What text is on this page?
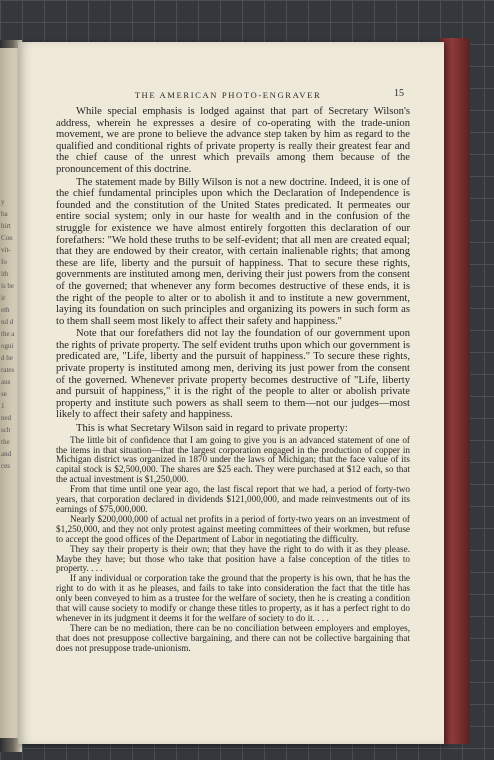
y
ba
hirt
Con
vit-
fo
itb
is be
ir
eth
nd d
the a
ogui
d be
rates
aus
se
1
ned
sch
the
and
ces
THE AMERICAN PHOTO-ENGRAVER	15

While special emphasis is lodged against that part of Secretary Wilson's address, wherein he expresses a desire of co-operating with the trade-union movement, we are prone to believe the advance step taken by him as regard to the qualified and conditional rights of private property is really their greatest fear and the chief cause of the unrest which prevails among them because of the pronouncement of this doctrine.

The statement made by Billy Wilson is not a new doctrine. Indeed, it is one of the chief fundamental principles upon which the Declaration of Independence is founded and the constitution of the United States predicated. It permeates our entire social system; only in our haste for wealth and in the confusion of the struggle for existence we have almost entirely forgotten this declaration of our forefathers: "We hold these truths to be self-evident; that all men are created equal; that they are endowed by their creator, with certain inalienable rights; that among these are life, liberty and the pursuit of happiness. That to secure these rights, governments are instituted among men, deriving their just powers from the consent of the governed; that whenever any form becomes destructive of these ends, it is the right of the people to alter or to abolish it and to institute a new government, laying its foundation on such principles and organizing its powers in such form as to them shall seem most likely to affect their safety and happiness."

Note that our forefathers did not lay the foundation of our government upon the rights of private property. The self evident truths upon which our government is predicated are, "Life, liberty and the pursuit of happiness." To secure these rights, private property is instituted among men, deriving its just power from the consent of the governed. Whenever private property becomes destructive of "Life, liberty and pursuit of happiness," it is the right of the people to alter or abolish private property and institute such powers as shall seem to them—not our judges—most likely to affect their safety and happiness.

This is what Secretary Wilson said in regard to private property:

The little bit of confidence that I am going to give you is an advanced statement of one of the items in that situation—that the largest corporation engaged in the production of copper in Michigan district was organized in 1870 under the laws of Michigan; that the face value of its capital stock is $2,500,000. The shares are $25 each. They were purchased at $12 each, so that the actual investment is $1,250,000.

From that time until one year ago, the last fiscal report that we had, a period of forty-two years, that corporation declared in dividends $121,000,000, and made reinvestments out of its earnings of $75,000,000.

Nearly $200,000,000 of actual net profits in a period of forty-two years on an investment of $1,250,000, and they not only protest against meeting committees of their workmen, but refuse to accept the good offices of the Department of Labor in negotiating the difficulty.

They say their property is their own; that they have the right to do with it as they please. Maybe they have; but those who take that position have a false conception of the titles to property. . . .

If any individual or corporation take the ground that the property is his own, that he has the right to do with it as he pleases, and fails to take into consideration the fact that the title has only been conveyed to him as a trustee for the welfare of society, then he is creating a condition that will cause society to modify or change these titles to property, as it has a perfect right to do whenever in its judgment it deems it for the welfare of society to do it. . . .

There can be no mediation, there can be no conciliation between employers and employes, that does not presuppose collective bargaining, and there can not be collective bargaining that does not presuppose trade-unionism.
